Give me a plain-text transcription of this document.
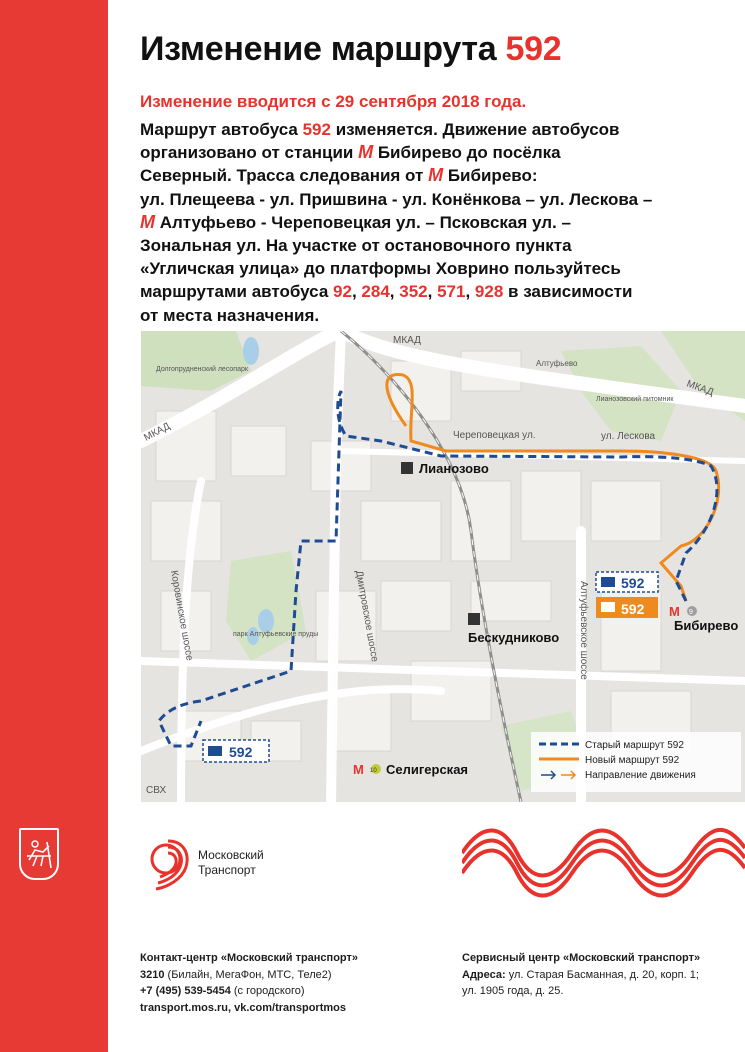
Изменение маршрута 592
Изменение вводится с 29 сентября 2018 года.
Маршрут автобуса 592 изменяется. Движение автобусов
организовано от станции М Бибирево до посёлка
Северный. Трасса следования от М Бибирево:
ул. Плещеева - ул. Пришвина - ул. Конёнкова – ул. Лескова –
М Алтуфьево - Череповецкая ул. – Псковская ул. –
Зональная ул. На участке от остановочного пункта
«Угличская улица» до платформы Ховрино пользуйтесь
маршрутами автобуса 92, 284, 352, 571, 928 в зависимости
от места назначения.
Лианозово
Бескудниково
М 9
Бибирево
М 10 Селигерская
МКАД
МКАД
МКАД
Череповецкая ул.	ул. Лескова
Алтуфьево
Долгопрудненский лесопарк
Лианозовский питомник
Коровинское шоссе	Дмитровское шоссе	Алтуфьевское шоссе
парк Алтуфьевские пруды
СВХ
592
592
592	Старый маршрут 592
Новый маршрут 592
Направление движения
Московский
Транспорт
Контакт-центр «Московский транспорт»
3210 (Билайн, МегаФон, МТС, Теле2)
+7 (495) 539-5454 (с городского)
transport.mos.ru, vk.com/transportmos
Сервисный центр «Московский транспорт»
Адреса: ул. Старая Басманная, д. 20, корп. 1;
ул. 1905 года, д. 25.
